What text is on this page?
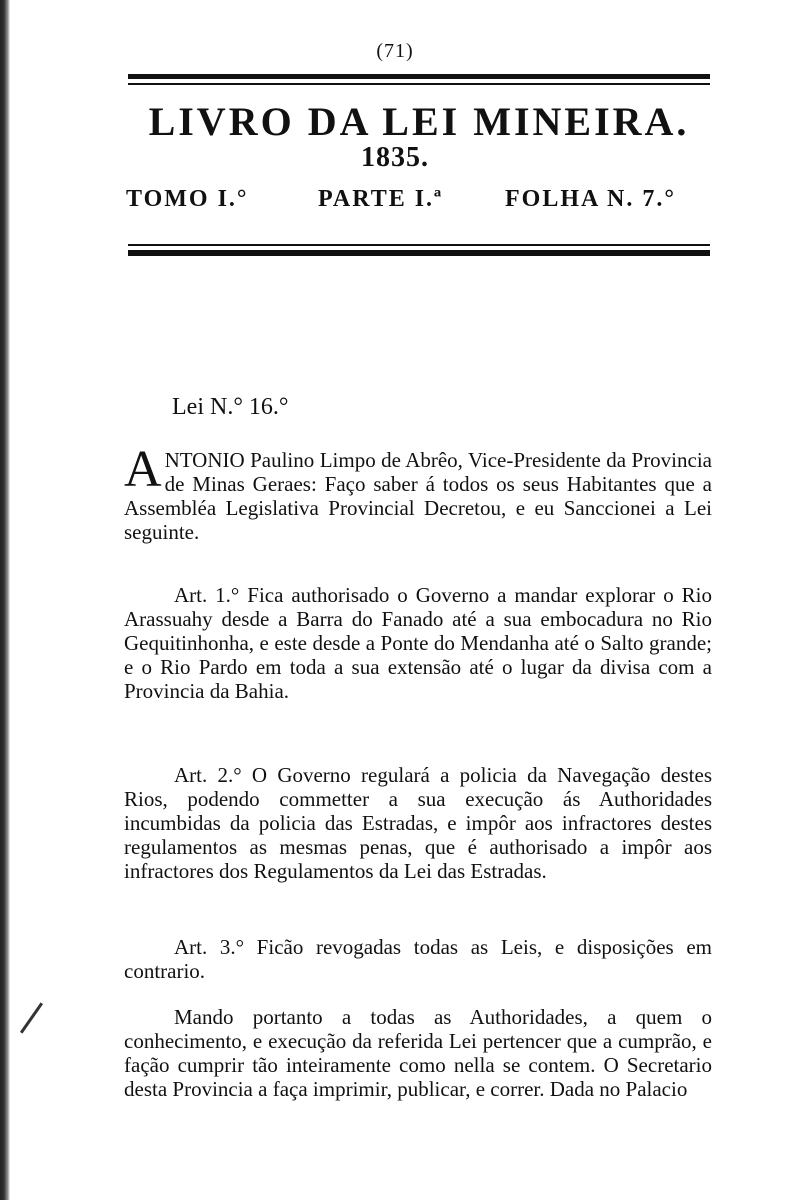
(71)
LIVRO DA LEI MINEIRA.
1835.
TOMO I.°	PARTE I.ª	FOLHA N. 7.°
Lei N.° 16.°
ANTONIO Paulino Limpo de Abrêo, Vice-Presidente da Provincia de Minas Geraes: Faço saber á todos os seus Habitantes que a Assembléa Legislativa Provincial Decretou, e eu Sanccionei a Lei seguinte.
Art. 1.° Fica authorisado o Governo a mandar explorar o Rio Arassuahy desde a Barra do Fanado até a sua embocadura no Rio Gequitinhonha, e este desde a Ponte do Mendanha até o Salto grande; e o Rio Pardo em toda a sua extensão até o lugar da divisa com a Provincia da Bahia.
Art. 2.° O Governo regulará a policia da Navegação destes Rios, podendo commetter a sua execução ás Authoridades incumbidas da policia das Estradas, e impôr aos infractores destes regulamentos as mesmas penas, que é authorisado a impôr aos infractores dos Regulamentos da Lei das Estradas.
Art. 3.° Ficão revogadas todas as Leis, e disposições em contrario.
Mando portanto a todas as Authoridades, a quem o conhecimento, e execução da referida Lei pertencer que a cumprão, e fação cumprir tão inteiramente como nella se contem. O Secretario desta Provincia a faça imprimir, publicar, e correr. Dada no Palacio
